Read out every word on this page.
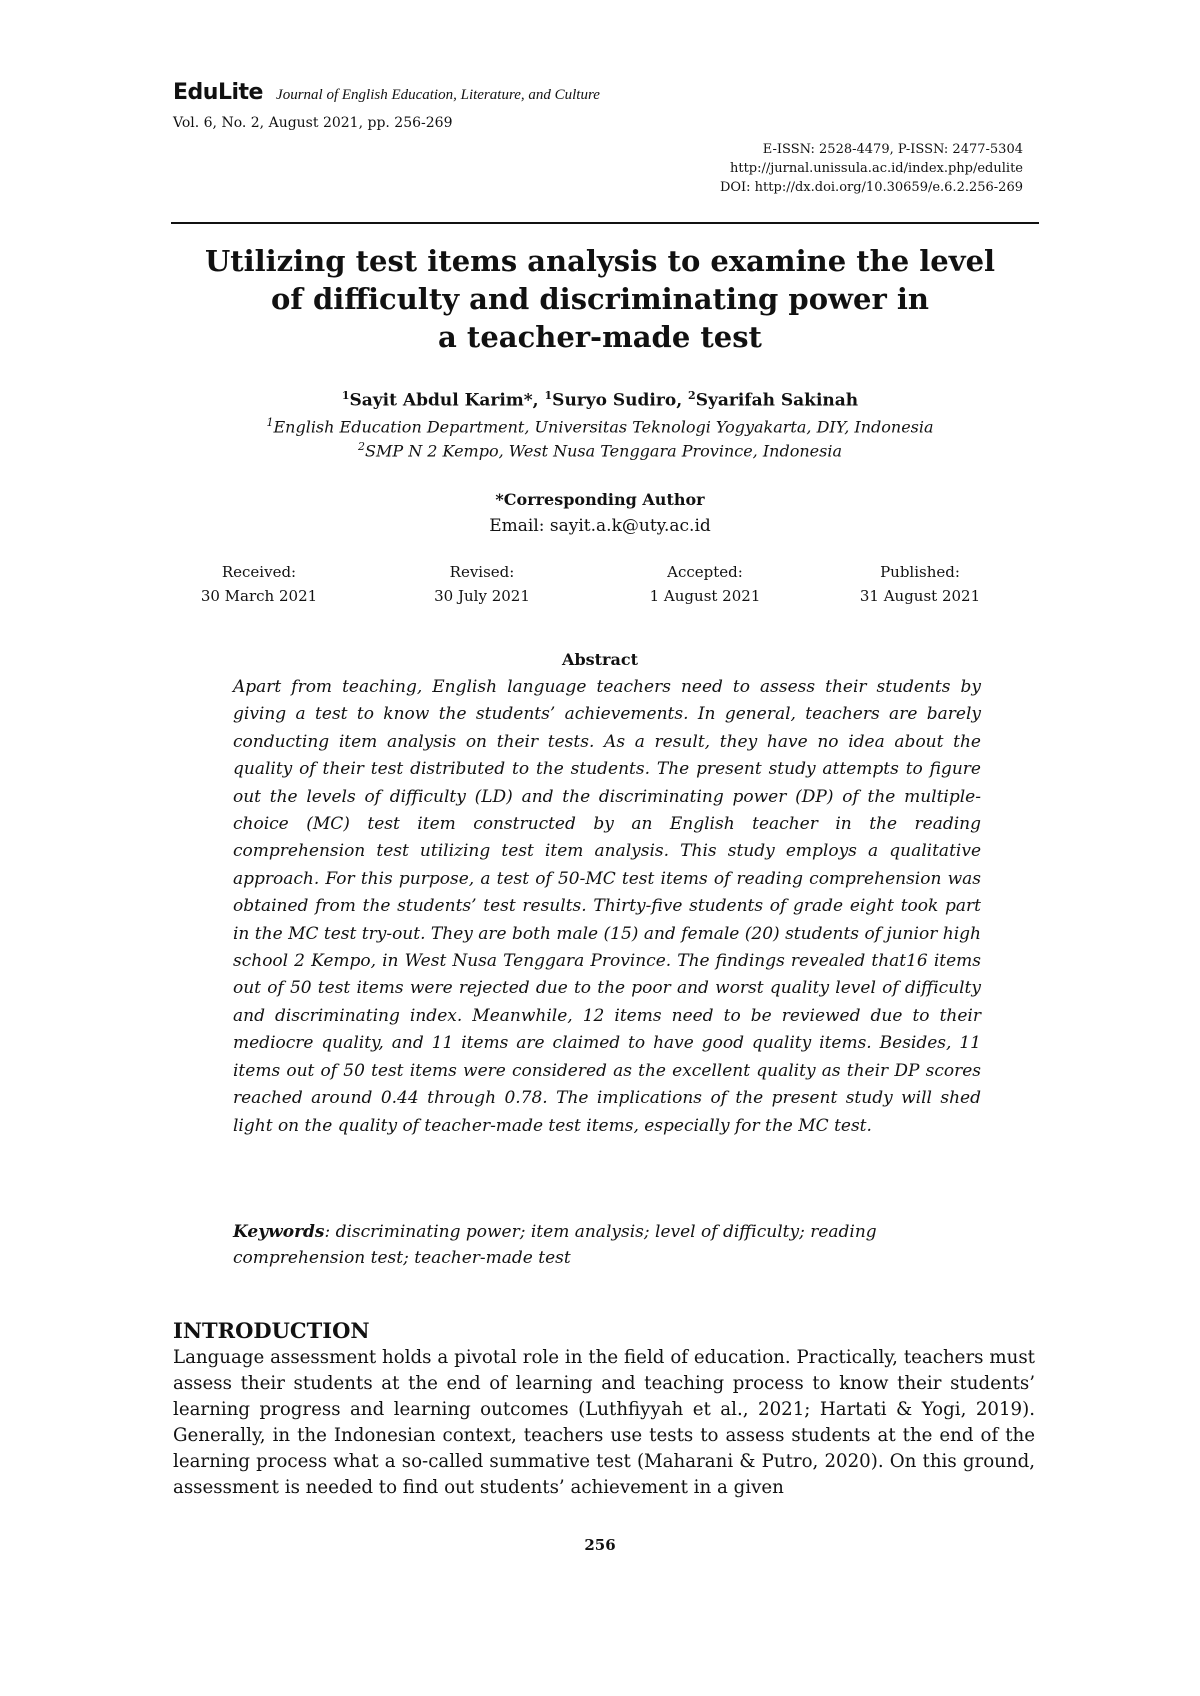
EduLite Journal of English Education, Literature, and Culture
Vol. 6, No. 2, August 2021, pp. 256-269
E-ISSN: 2528-4479, P-ISSN: 2477-5304
http://jurnal.unissula.ac.id/index.php/edulite
DOI: http://dx.doi.org/10.30659/e.6.2.256-269
Utilizing test items analysis to examine the level
of difficulty and discriminating power in
a teacher-made test
$^1$Sayit Abdul Karim*, $^1$Suryo Sudiro, $^2$Syarifah Sakinah
$^1$English Education Department, Universitas Teknologi Yogyakarta, DIY, Indonesia
$^2$SMP N 2 Kempo, West Nusa Tenggara Province, Indonesia
*Corresponding Author
Email: sayit.a.k@uty.ac.id
Received:
30 March 2021
Revised:
30 July 2021
Accepted:
1 August 2021
Published:
31 August 2021
Abstract
Apart from teaching, English language teachers need to assess their students by giving a test to know the students’ achievements. In general, teachers are barely conducting item analysis on their tests. As a result, they have no idea about the quality of their test distributed to the students. The present study attempts to figure out the levels of difficulty (LD) and the discriminating power (DP) of the multiple-choice (MC) test item constructed by an English teacher in the reading comprehension test utilizing test item analysis. This study employs a qualitative approach. For this purpose, a test of 50-MC test items of reading comprehension was obtained from the students’ test results. Thirty-five students of grade eight took part in the MC test try-out. They are both male (15) and female (20) students of junior high school 2 Kempo, in West Nusa Tenggara Province. The findings revealed that16 items out of 50 test items were rejected due to the poor and worst quality level of difficulty and discriminating index. Meanwhile, 12 items need to be reviewed due to their mediocre quality, and 11 items are claimed to have good quality items. Besides, 11 items out of 50 test items were considered as the excellent quality as their DP scores reached around 0.44 through 0.78. The implications of the present study will shed light on the quality of teacher-made test items, especially for the MC test.
Keywords: discriminating power; item analysis; level of difficulty; reading comprehension test; teacher-made test
INTRODUCTION
Language assessment holds a pivotal role in the field of education. Practically, teachers must assess their students at the end of learning and teaching process to know their students’ learning progress and learning outcomes (Luthfiyyah et al., 2021; Hartati & Yogi, 2019). Generally, in the Indonesian context, teachers use tests to assess students at the end of the learning process what a so-called summative test (Maharani & Putro, 2020). On this ground, assessment is needed to find out students’ achievement in a given
256
